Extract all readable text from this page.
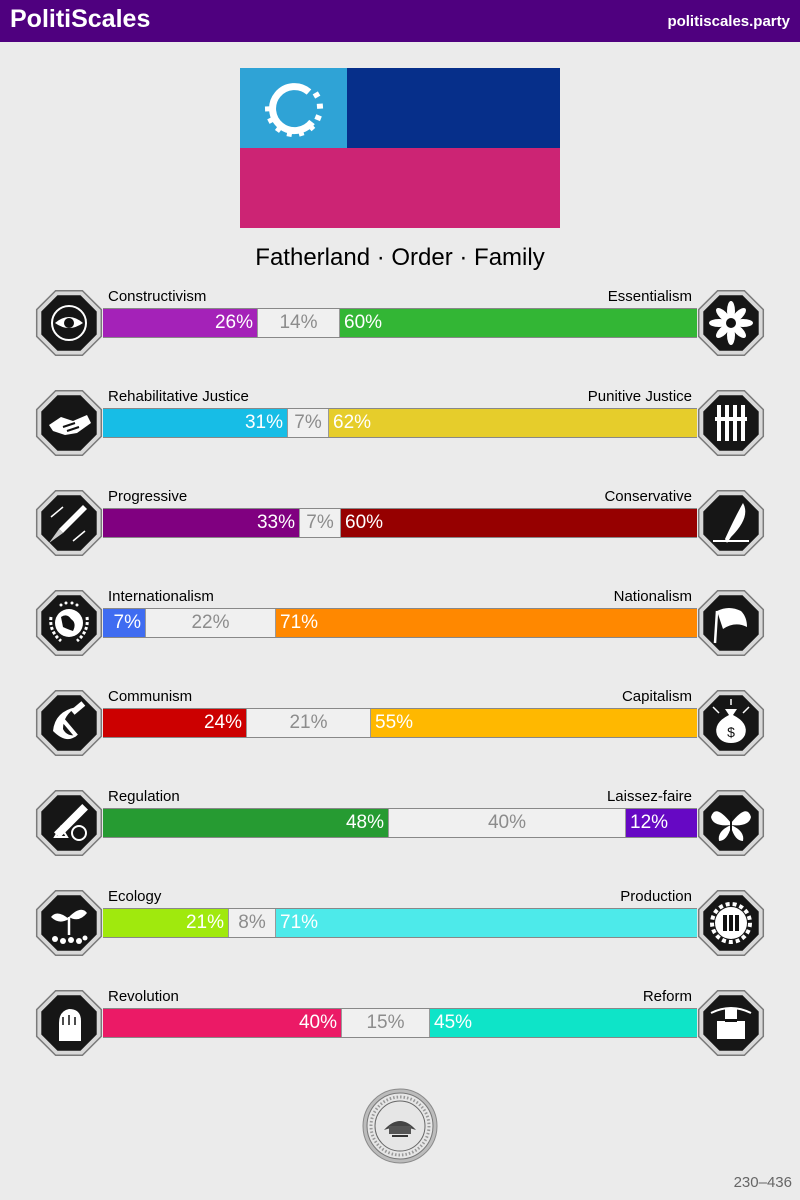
PolitiScales	politiscales.party
Fatherland · Order · Family
Constructivism	Essentialism
26%	14%	60%
Rehabilitative Justice	Punitive Justice
31% 7% 62%
Progressive	Conservative
33% 7% 60%
Internationalism	Nationalism
7%	22%	71%
Communism	Capitalism
24%	21%	55%	$
Regulation	Laissez-faire
48%	40%	12%
Ecology	Production
21% 8% 71%
Revolution	Reform
40%	15%	45%
230–436
